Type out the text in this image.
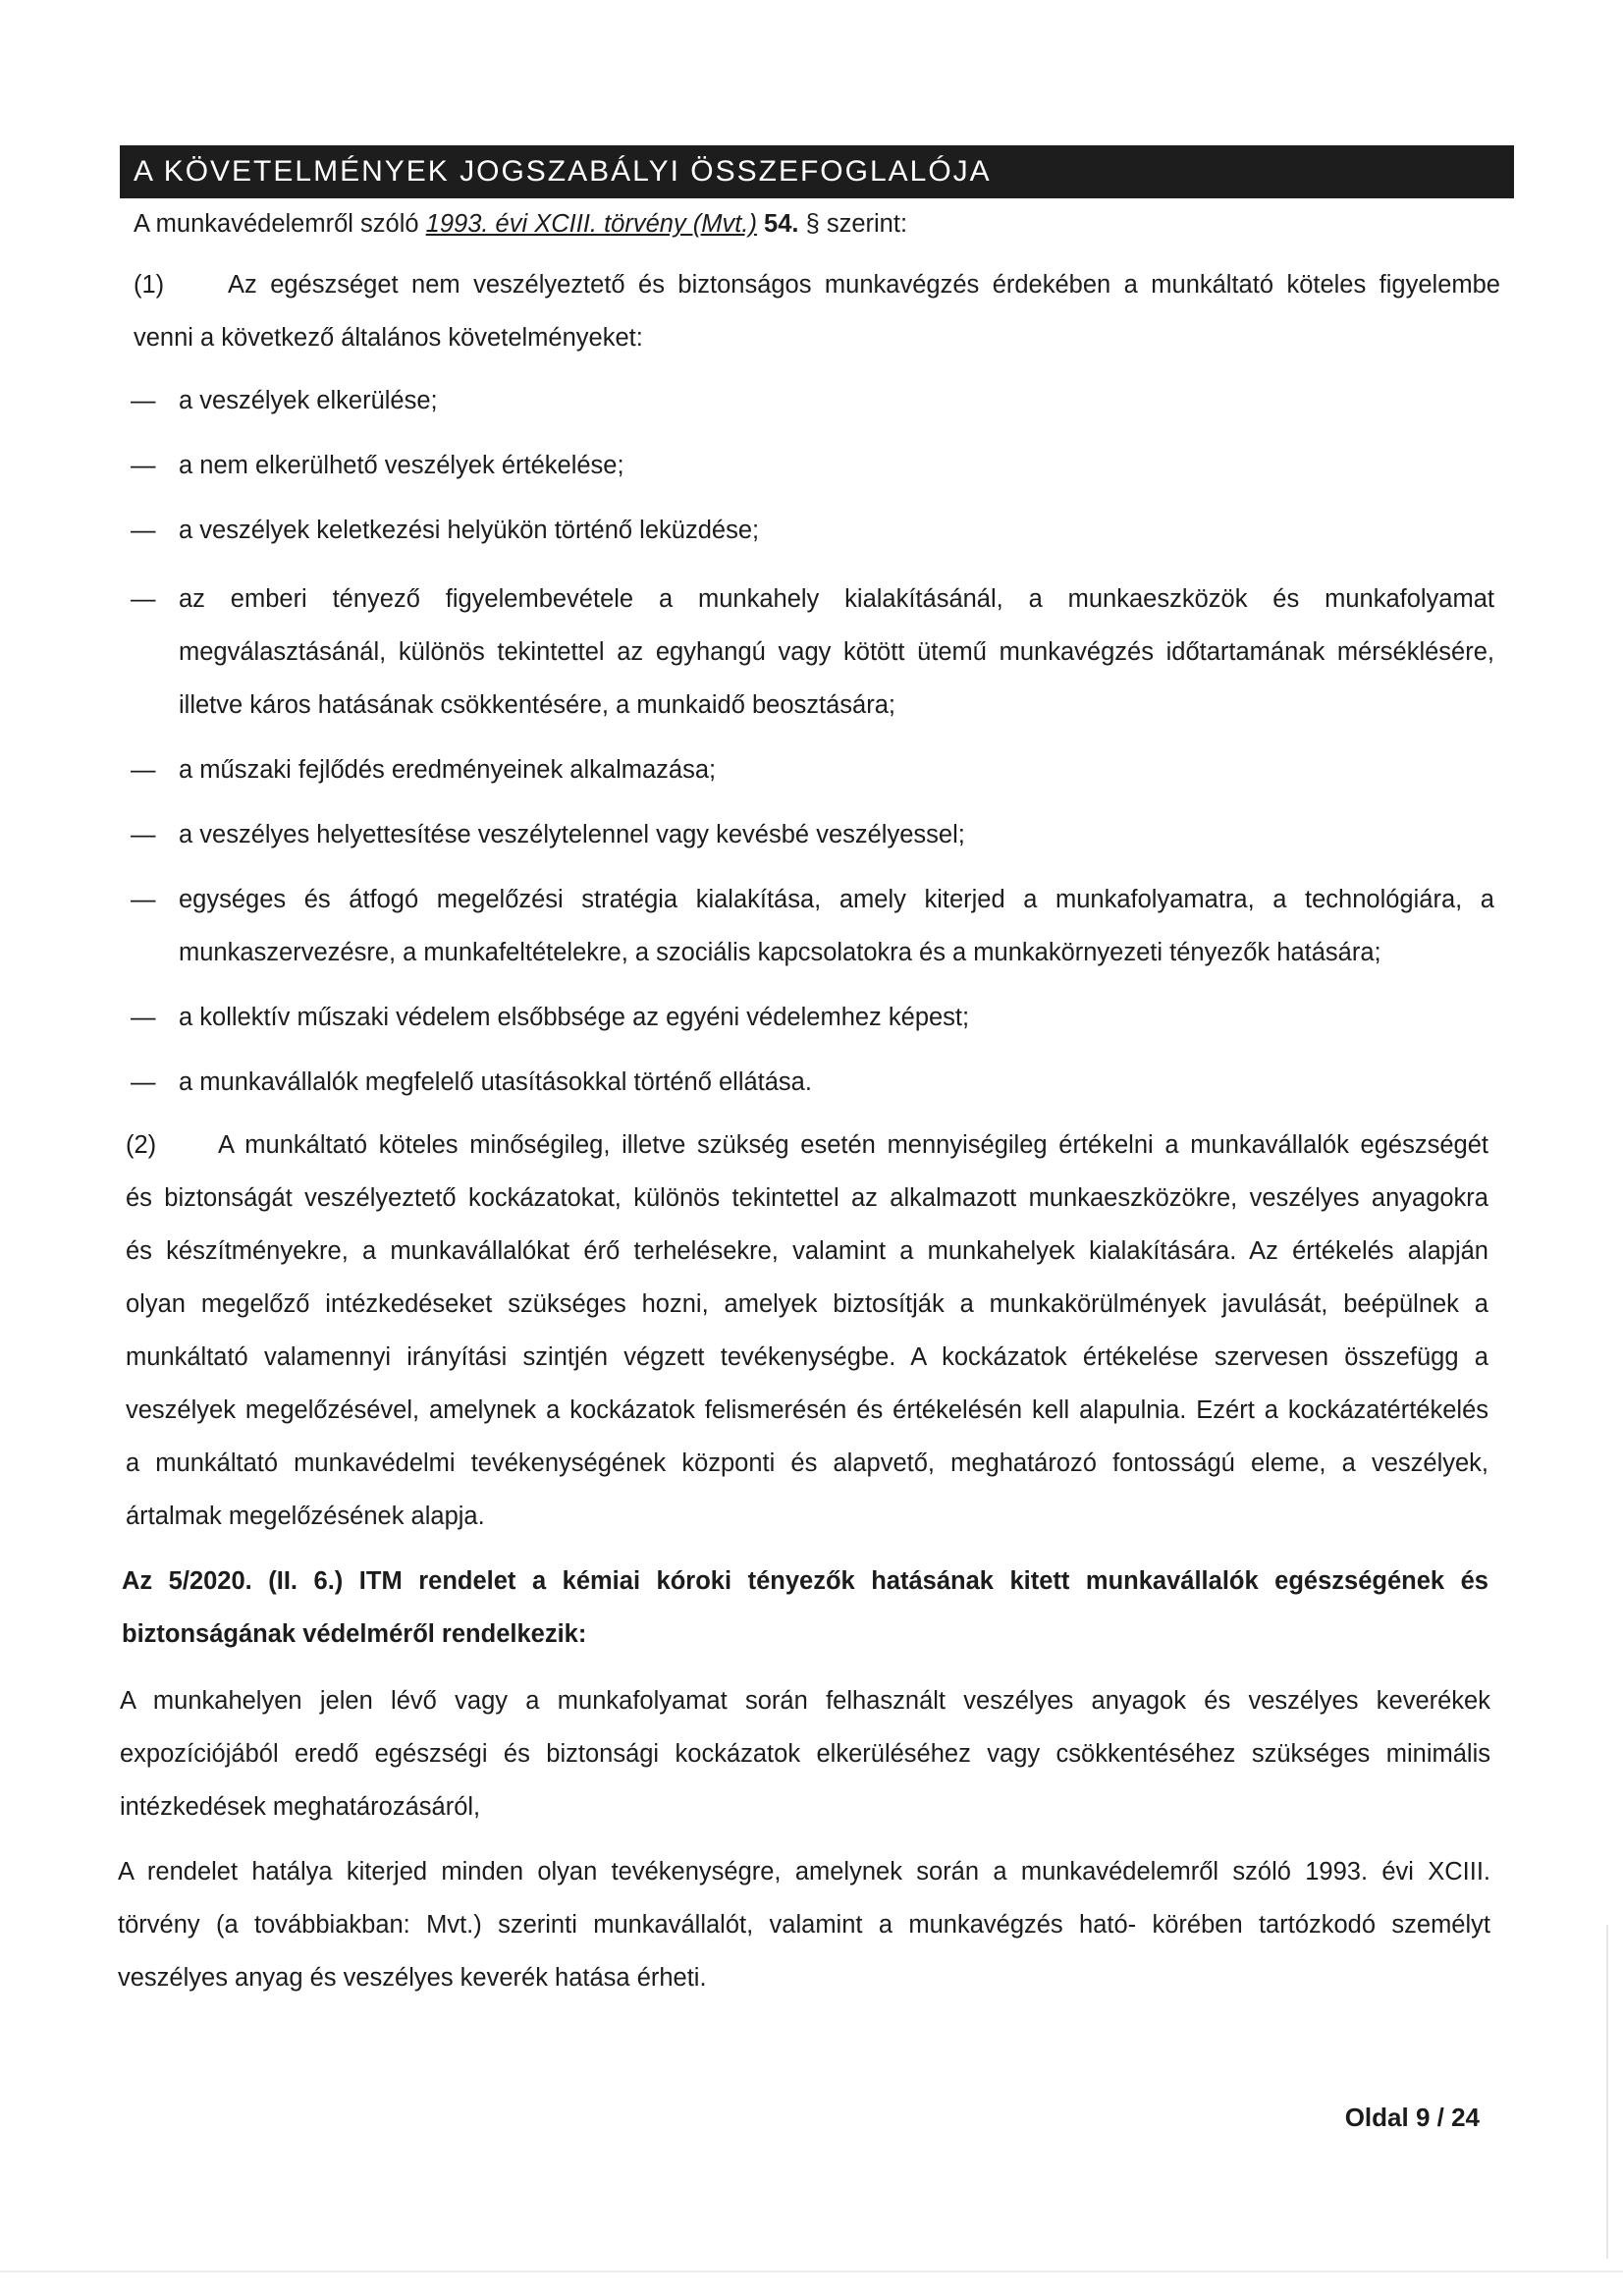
A KÖVETELMÉNYEK JOGSZABÁLYI ÖSSZEFOGLALÓJA
A munkavédelemről szóló 1993. évi XCIII. törvény (Mvt.) 54. § szerint:
(1)	Az egészséget nem veszélyeztető és biztonságos munkavégzés érdekében a munkáltató köteles figyelembe
venni a következő általános követelményeket:
— a veszélyek elkerülése;
— a nem elkerülhető veszélyek értékelése;
— a veszélyek keletkezési helyükön történő leküzdése;
— az emberi tényező figyelembevétele a munkahely kialakításánál, a munkaeszközök és munkafolyamat
megválasztásánál, különös tekintettel az egyhangú vagy kötött ütemű munkavégzés időtartamának mérséklésére,
illetve káros hatásának csökkentésére, a munkaidő beosztására;
— a műszaki fejlődés eredményeinek alkalmazása;
— a veszélyes helyettesítése veszélytelennel vagy kevésbé veszélyessel;
— egységes és átfogó megelőzési stratégia kialakítása, amely kiterjed a munkafolyamatra, a technológiára, a
munkaszervezésre, a munkafeltételekre, a szociális kapcsolatokra és a munkakörnyezeti tényezők hatására;
— a kollektív műszaki védelem elsőbbsége az egyéni védelemhez képest;
— a munkavállalók megfelelő utasításokkal történő ellátása.
(2) A munkáltató köteles minőségileg, illetve szükség esetén mennyiségileg értékelni a munkavállalók egészségét
és biztonságát veszélyeztető kockázatokat, különös tekintettel az alkalmazott munkaeszközökre, veszélyes anyagokra
és készítményekre, a munkavállalókat érő terhelésekre, valamint a munkahelyek kialakítására. Az értékelés alapján
olyan megelőző intézkedéseket szükséges hozni, amelyek biztosítják a munkakörülmények javulását, beépülnek a
munkáltató valamennyi irányítási szintjén végzett tevékenységbe. A kockázatok értékelése szervesen összefügg a
veszélyek megelőzésével, amelynek a kockázatok felismerésén és értékelésén kell alapulnia. Ezért a kockázatértékelés
a munkáltató munkavédelmi tevékenységének központi és alapvető, meghatározó fontosságú eleme, a veszélyek,
ártalmak megelőzésének alapja.
Az 5/2020. (II. 6.) ITM rendelet a kémiai kóroki tényezők hatásának kitett munkavállalók egészségének és
biztonságának védelméről rendelkezik:
A munkahelyen jelen lévő vagy a munkafolyamat során felhasznált veszélyes anyagok és veszélyes keverékek
expozíciójából eredő egészségi és biztonsági kockázatok elkerüléséhez vagy csökkentéséhez szükséges minimális
intézkedések meghatározásáról,
A rendelet hatálya kiterjed minden olyan tevékenységre, amelynek során a munkavédelemről szóló 1993. évi XCIII.
törvény (a továbbiakban: Mvt.) szerinti munkavállalót, valamint a munkavégzés ható- körében tartózkodó személyt
veszélyes anyag és veszélyes keverék hatása érheti.
Oldal 9 / 24
